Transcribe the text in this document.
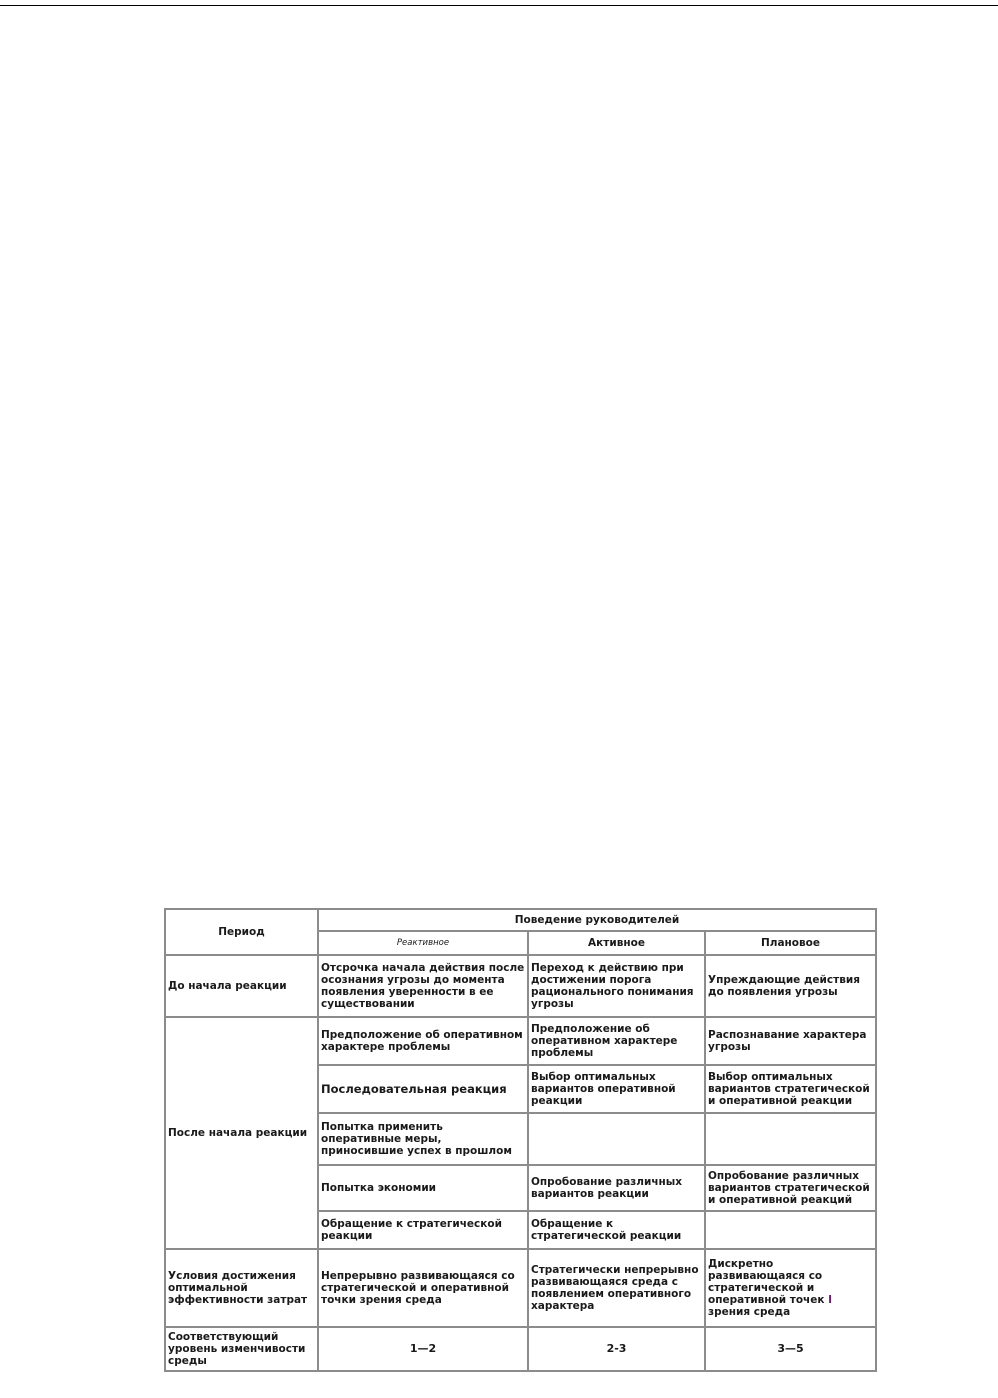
Период	Поведение руководителей		
	Реактивное	Активное	Плановое
До начала реакции	Отсрочка начала действия после осознания угрозы до момента появления уверенности в ее существовании	Переход к действию при достижении порога рационального понимания угрозы	Упреждающие действия до появления угрозы
После начала реакции	Предположение об оперативном характере проблемы	Предположение об оперативном характере проблемы	Распознавание характера угрозы
	Последовательная реакция	Выбор оптимальных вариантов оперативной реакции	Выбор оптимальных вариантов стратегической и оперативной реакции
	Попытка применить оперативные меры, приносившие успех в прошлом		
	Попытка экономии	Опробование различных вариантов реакции	Опробование различных вариантов стратегической и оперативной реакций
	Обращение к стратегической реакции	Обращение к стратегической реакции	
Условия достижения оптимальной эффективности затрат	Непрерывно развивающаяся со стратегической и оперативной точки зрения среда	Стратегически непрерывно развивающаяся среда с появлением оперативного характера	Дискретно развивающаяся со стратегической и оперативной точек I зрения среда
Соответствующий уровень изменчивости среды	1—2	2-3	3—5
